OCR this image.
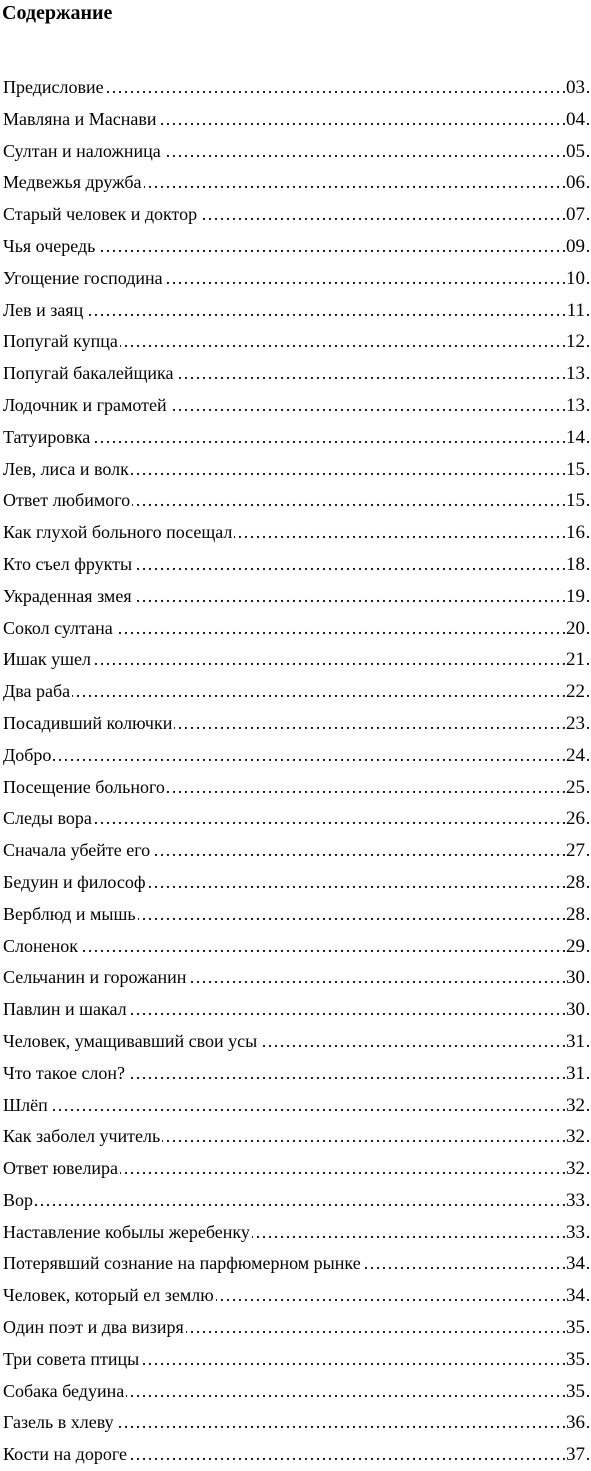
Содержание
……………………………………………………………………………………………………………………………………
Предисловие	03
……………………………………………………………………………………………………………………………………
Мавляна и Маснави	04
……………………………………………………………………………………………………………………………………
Султан и наложница	05
……………………………………………………………………………………………………………………………………
Медвежья дружба	06
……………………………………………………………………………………………………………………………………
Старый человек и доктор	07
……………………………………………………………………………………………………………………………………
Чья очередь	09
……………………………………………………………………………………………………………………………………
Угощение господина	10
……………………………………………………………………………………………………………………………………
Лев и заяц	11
……………………………………………………………………………………………………………………………………
Попугай купца	12
……………………………………………………………………………………………………………………………………
Попугай бакалейщика	13
……………………………………………………………………………………………………………………………………
Лодочник и грамотей	13
……………………………………………………………………………………………………………………………………
Татуировка	14
……………………………………………………………………………………………………………………………………
Лев, лиса и волк	15
……………………………………………………………………………………………………………………………………
Ответ любимого	15
……………………………………………………………………………………………………………………………………
Как глухой больного посещал	16
……………………………………………………………………………………………………………………………………
Кто съел фрукты	18
……………………………………………………………………………………………………………………………………
Украденная змея	19
……………………………………………………………………………………………………………………………………
Сокол султана	20
……………………………………………………………………………………………………………………………………
Ишак ушел	21
……………………………………………………………………………………………………………………………………
Два раба	22
……………………………………………………………………………………………………………………………………
Посадивший колючки	23
……………………………………………………………………………………………………………………………………
Добро	24
……………………………………………………………………………………………………………………………………
Посещение больного	25
……………………………………………………………………………………………………………………………………
Следы вора	26
……………………………………………………………………………………………………………………………………
Сначала убейте его	27
……………………………………………………………………………………………………………………………………
Бедуин и философ	28
……………………………………………………………………………………………………………………………………
Верблюд и мышь	28
……………………………………………………………………………………………………………………………………
Слоненок	29
……………………………………………………………………………………………………………………………………
Сельчанин и горожанин	30
……………………………………………………………………………………………………………………………………
Павлин и шакал	30
……………………………………………………………………………………………………………………………………
Человек, умащивавший свои усы	31
……………………………………………………………………………………………………………………………………
Что такое слон?	31
……………………………………………………………………………………………………………………………………
Шлёп	32
……………………………………………………………………………………………………………………………………
Как заболел учитель	32
……………………………………………………………………………………………………………………………………
Ответ ювелира	32
……………………………………………………………………………………………………………………………………
Вор	33
……………………………………………………………………………………………………………………………………
Наставление кобылы жеребенку	33
……………………………………………………………………………………………………………………………………
Потерявший сознание на парфюмерном рынке	34
……………………………………………………………………………………………………………………………………
Человек, который ел землю	34
……………………………………………………………………………………………………………………………………
Один поэт и два визиря	35
……………………………………………………………………………………………………………………………………
Три совета птицы	35
……………………………………………………………………………………………………………………………………
Собака бедуина	35
……………………………………………………………………………………………………………………………………
Газель в хлеву	36
……………………………………………………………………………………………………………………………………
Кости на дороге	37
